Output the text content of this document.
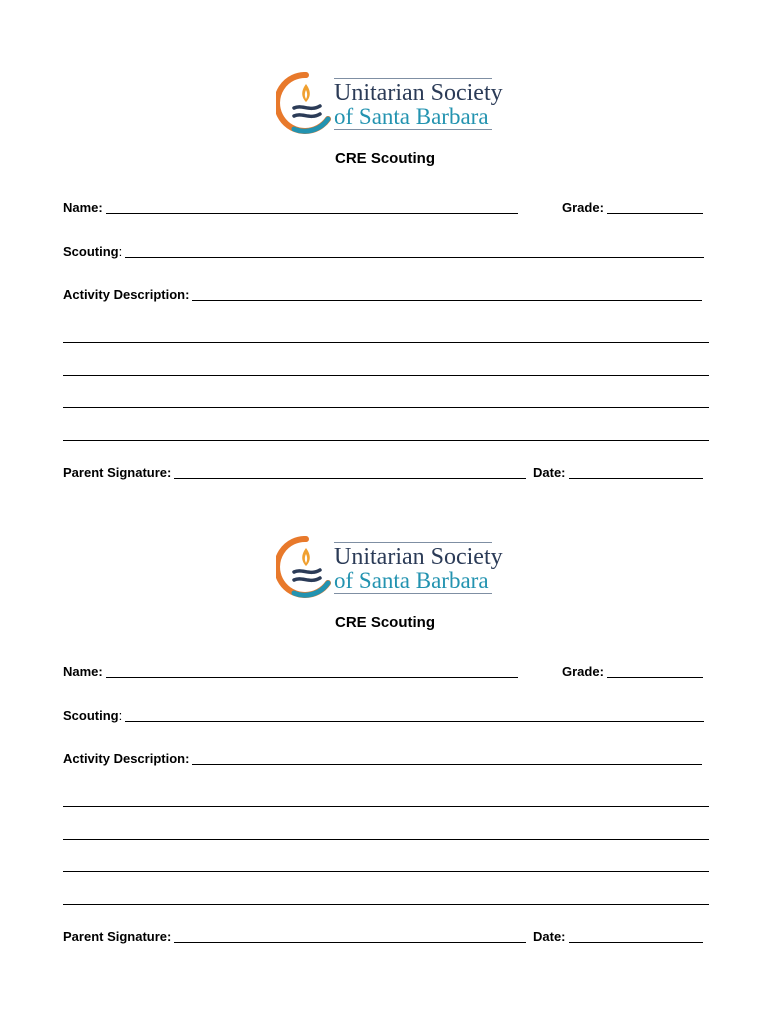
Unitarian Society
of Santa Barbara
CRE Scouting
Name:	Grade:
Scouting:
Activity Description:
Parent Signature:	Date:
Unitarian Society
of Santa Barbara
CRE Scouting
Name:	Grade:
Scouting:
Activity Description:
Parent Signature:	Date:
